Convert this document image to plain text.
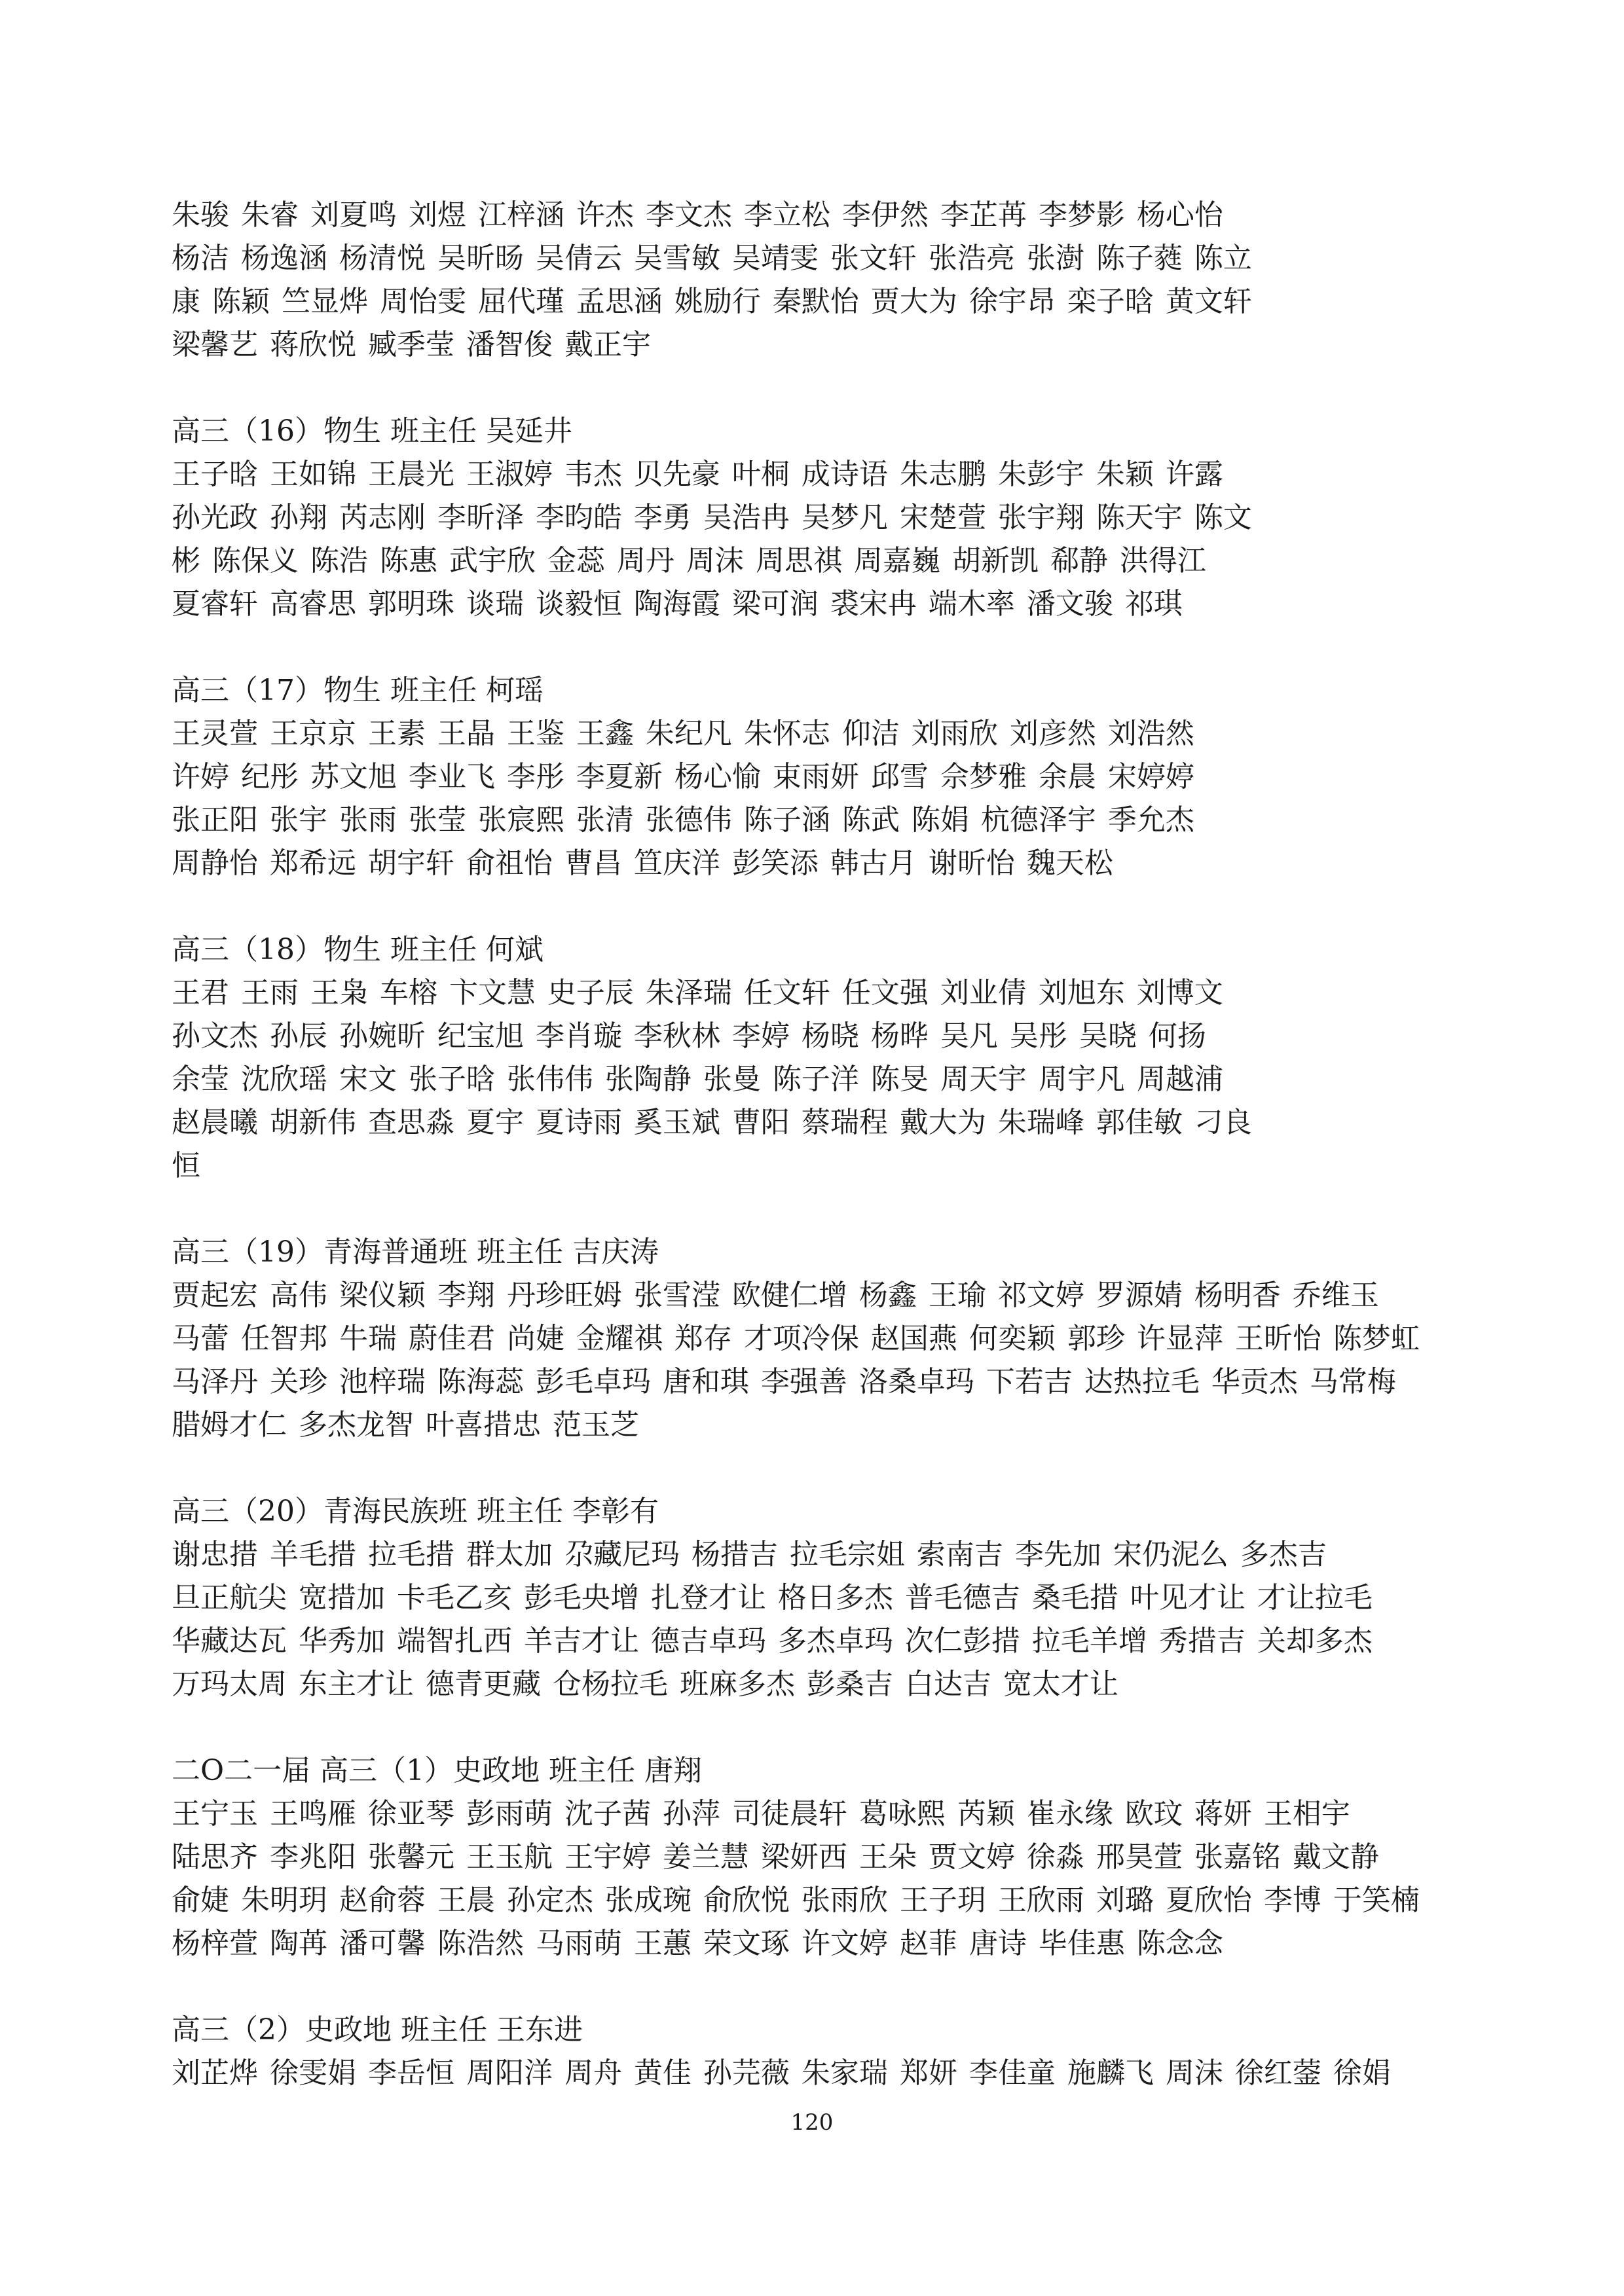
朱骏 朱睿 刘夏鸣 刘煜 江梓涵 许杰 李文杰 李立松 李伊然 李芷苒 李梦影 杨心怡

杨洁 杨逸涵 杨清悦 吴昕旸 吴倩云 吴雪敏 吴靖雯 张文轩 张浩亮 张澍 陈子蕤 陈立

康 陈颖 竺显烨 周怡雯 屈代瑾 孟思涵 姚励行 秦默怡 贾大为 徐宇昂 栾子晗 黄文轩

梁馨艺 蒋欣悦 臧季莹 潘智俊 戴正宇

高三（16）物生 班主任 吴延井

王子晗 王如锦 王晨光 王淑婷 韦杰 贝先豪 叶桐 成诗语 朱志鹏 朱彭宇 朱颖 许露

孙光政 孙翔 芮志刚 李昕泽 李昀皓 李勇 吴浩冉 吴梦凡 宋楚萱 张宇翔 陈天宇 陈文

彬 陈保义 陈浩 陈惠 武宇欣 金蕊 周丹 周沫 周思祺 周嘉巍 胡新凯 郗静 洪得江

夏睿轩 高睿思 郭明珠 谈瑞 谈毅恒 陶海霞 梁可润 裘宋冉 端木率 潘文骏 祁琪

高三（17）物生 班主任 柯瑶

王灵萱 王京京 王素 王晶 王鉴 王鑫 朱纪凡 朱怀志 仰洁 刘雨欣 刘彦然 刘浩然

许婷 纪彤 苏文旭 李业飞 李彤 李夏新 杨心愉 束雨妍 邱雪 佘梦雅 余晨 宋婷婷

张正阳 张宇 张雨 张莹 张宸熙 张清 张德伟 陈子涵 陈武 陈娟 杭德泽宇 季允杰

周静怡 郑希远 胡宇轩 俞祖怡 曹昌 笪庆洋 彭笑添 韩古月 谢昕怡 魏天松

高三（18）物生 班主任 何斌

王君 王雨 王枭 车榕 卞文慧 史子辰 朱泽瑞 任文轩 任文强 刘业倩 刘旭东 刘博文

孙文杰 孙辰 孙婉昕 纪宝旭 李肖璇 李秋林 李婷 杨晓 杨晔 吴凡 吴彤 吴晓 何扬

余莹 沈欣瑶 宋文 张子晗 张伟伟 张陶静 张曼 陈子洋 陈旻 周天宇 周宇凡 周越浦

赵晨曦 胡新伟 查思淼 夏宇 夏诗雨 奚玉斌 曹阳 蔡瑞程 戴大为 朱瑞峰 郭佳敏 刁良

恒

高三（19）青海普通班 班主任 吉庆涛

贾起宏 高伟 梁仪颖 李翔 丹珍旺姆 张雪滢 欧健仁增 杨鑫 王瑜 祁文婷 罗源婧 杨明香 乔维玉

马蕾 任智邦 牛瑞 蔚佳君 尚婕 金耀祺 郑存 才项冷保 赵国燕 何奕颖 郭珍 许显萍 王昕怡 陈梦虹

马泽丹 关珍 池梓瑞 陈海蕊 彭毛卓玛 唐和琪 李强善 洛桑卓玛 下若吉 达热拉毛 华贡杰 马常梅

腊姆才仁 多杰龙智 叶喜措忠 范玉芝

高三（20）青海民族班 班主任 李彰有

谢忠措 羊毛措 拉毛措 群太加 尕藏尼玛 杨措吉 拉毛宗姐 索南吉 李先加 宋仍泥么 多杰吉

旦正航尖 宽措加 卡毛乙亥 彭毛央增 扎登才让 格日多杰 普毛德吉 桑毛措 叶见才让 才让拉毛

华藏达瓦 华秀加 端智扎西 羊吉才让 德吉卓玛 多杰卓玛 次仁彭措 拉毛羊增 秀措吉 关却多杰

万玛太周 东主才让 德青更藏 仓杨拉毛 班麻多杰 彭桑吉 白达吉 宽太才让

二O二一届 高三（1）史政地 班主任 唐翔

王宁玉 王鸣雁 徐亚琴 彭雨萌 沈子茜 孙萍 司徒晨轩 葛咏熙 芮颖 崔永缘 欧玟 蒋妍 王相宇

陆思齐 李兆阳 张馨元 王玉航 王宇婷 姜兰慧 梁妍西 王朵 贾文婷 徐淼 邢昊萱 张嘉铭 戴文静

俞婕 朱明玥 赵俞蓉 王晨 孙定杰 张成琬 俞欣悦 张雨欣 王子玥 王欣雨 刘璐 夏欣怡 李博 于笑楠

杨梓萱 陶苒 潘可馨 陈浩然 马雨萌 王蕙 荣文琢 许文婷 赵菲 唐诗 毕佳惠 陈念念

高三（2）史政地 班主任 王东进

刘芷烨 徐雯娟 李岳恒 周阳洋 周舟 黄佳 孙芫薇 朱家瑞 郑妍 李佳童 施麟飞 周沫 徐红蓥 徐娟

120
